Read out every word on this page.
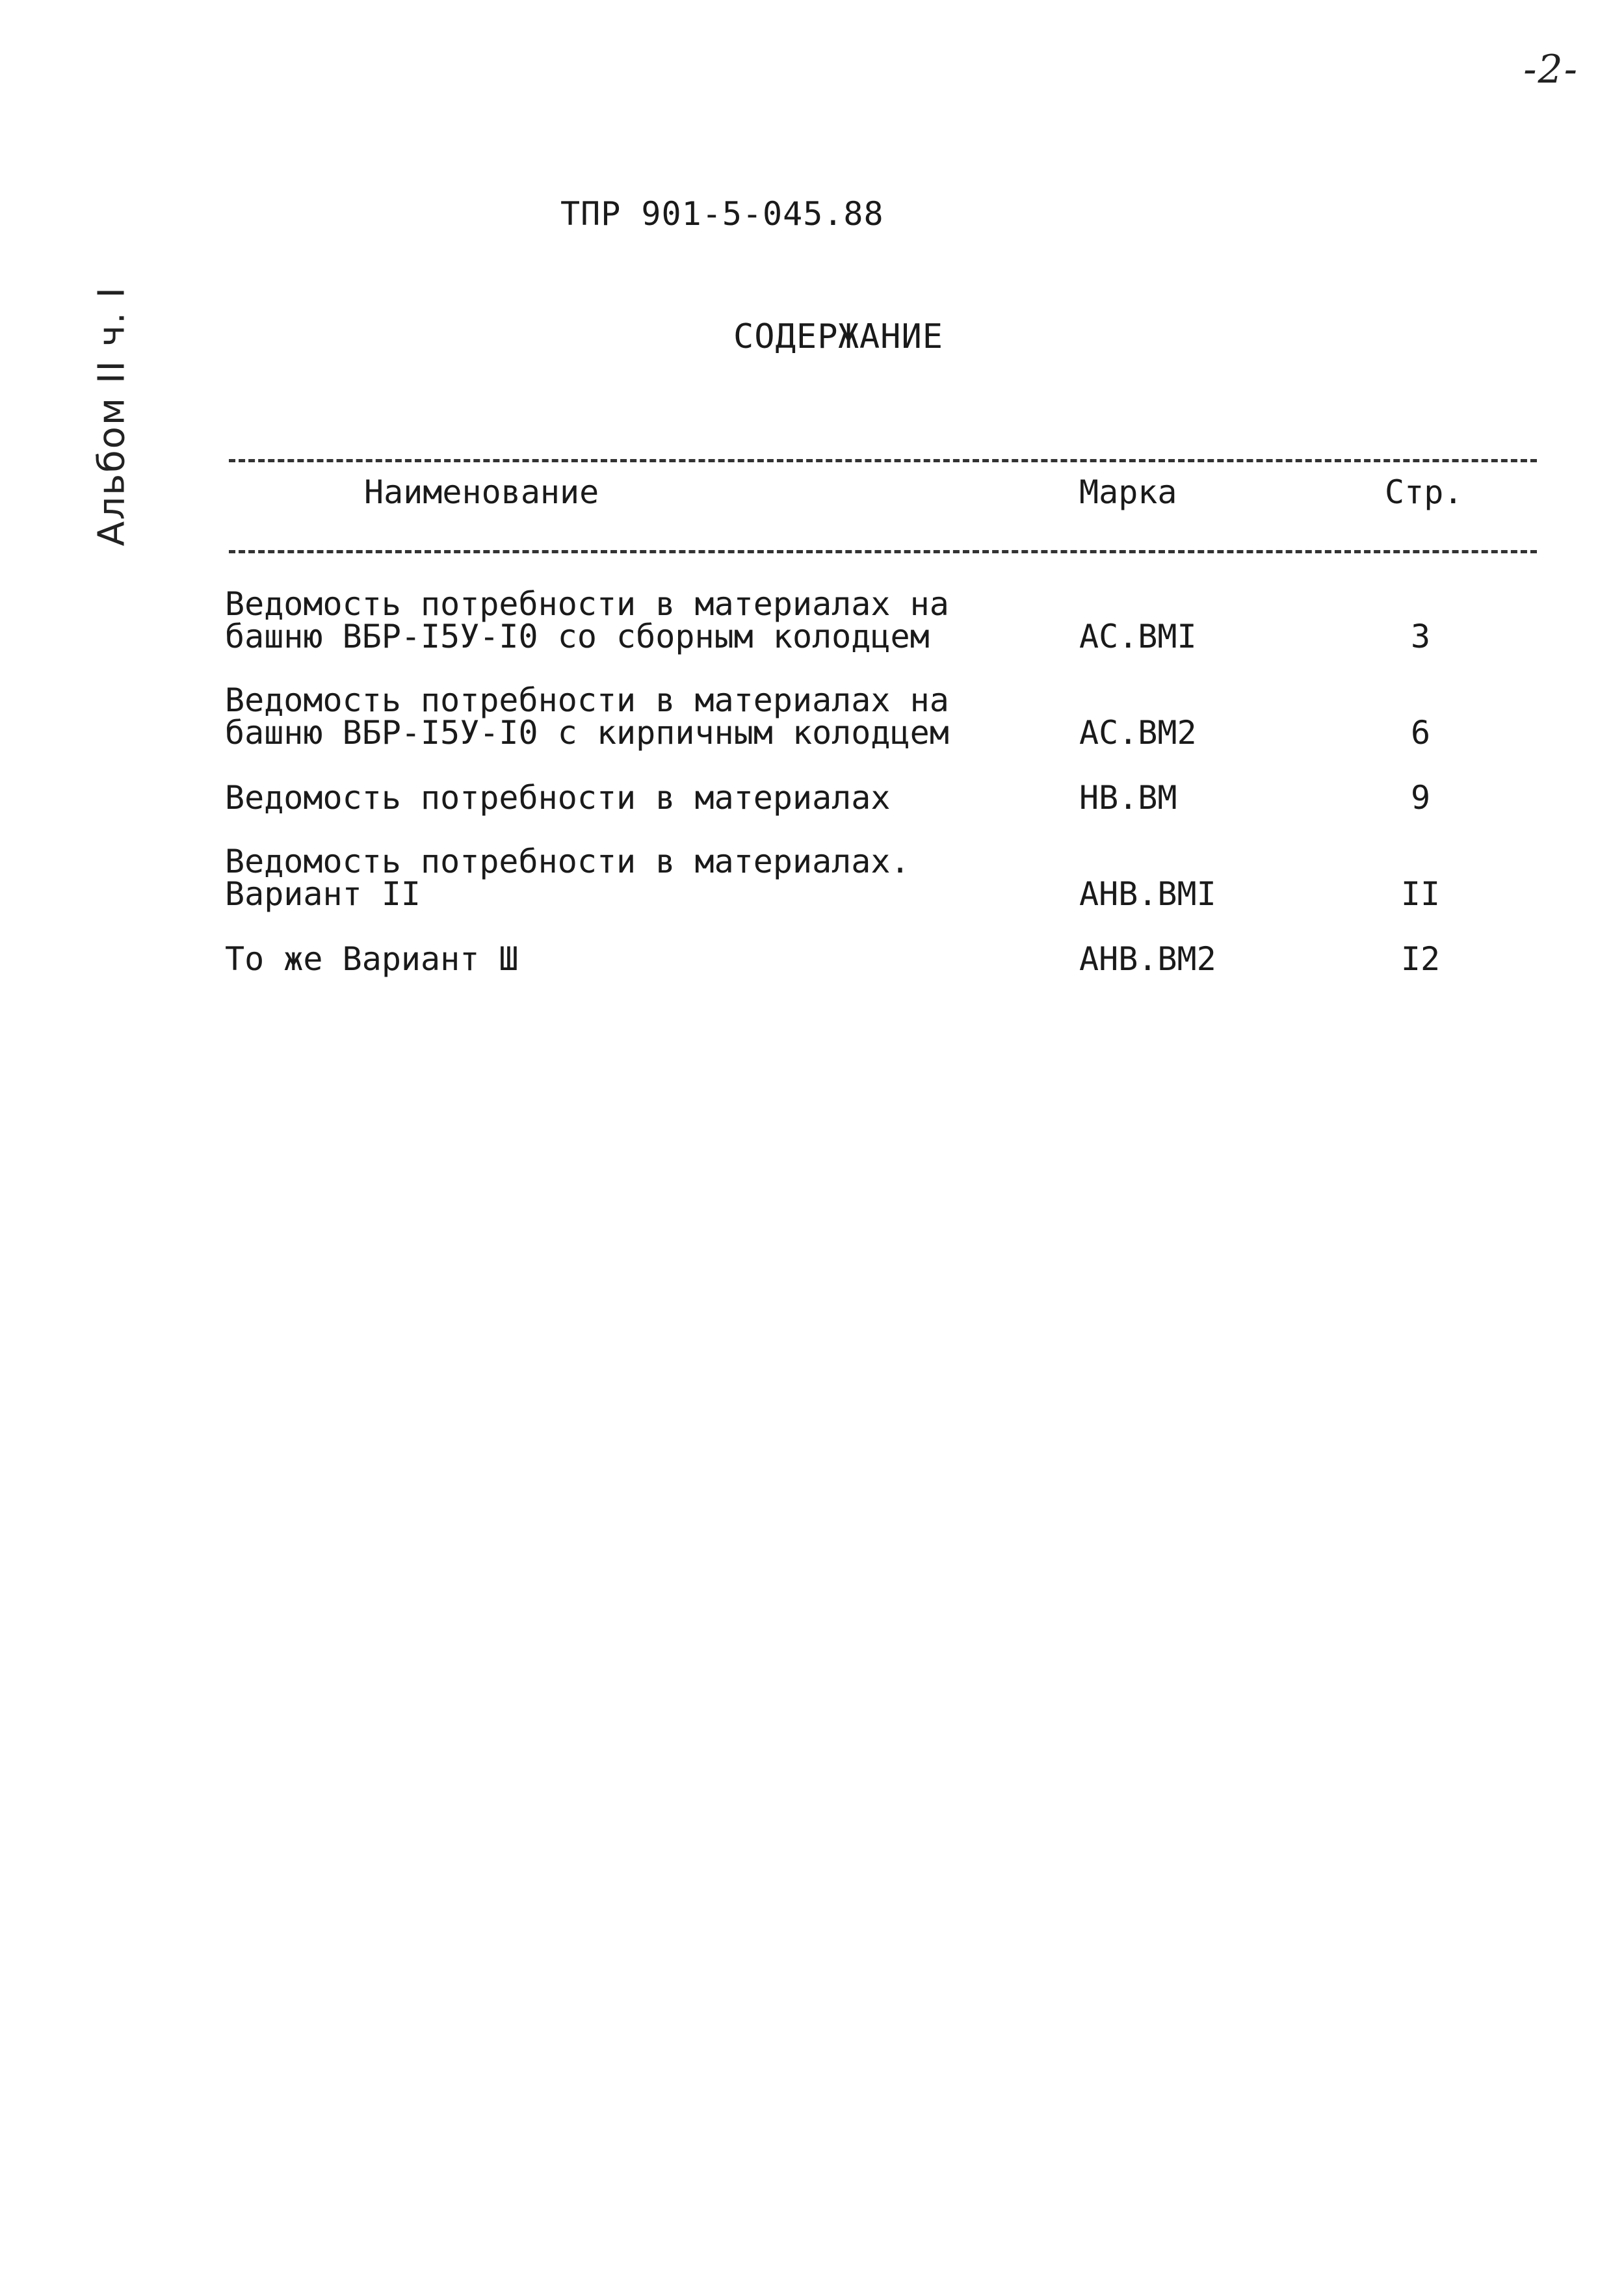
-2-
Альбом II ч. I
ТПР 901-5-045.88
СОДЕРЖАНИЕ
Наименование	Марка	Стр.
Ведомость потребности в материалах на
башню ВБР-I5У-I0 со сборным колодцем	АС.ВМI	3
Ведомость потребности в материалах на
башню ВБР-I5У-I0 с кирпичным колодцем	АС.ВМ2	6
Ведомость потребности в материалах	НВ.ВМ	9
Ведомость потребности в материалах.
Вариант II	АНВ.ВМI	II
То же Вариант Ш	АНВ.ВМ2	I2
